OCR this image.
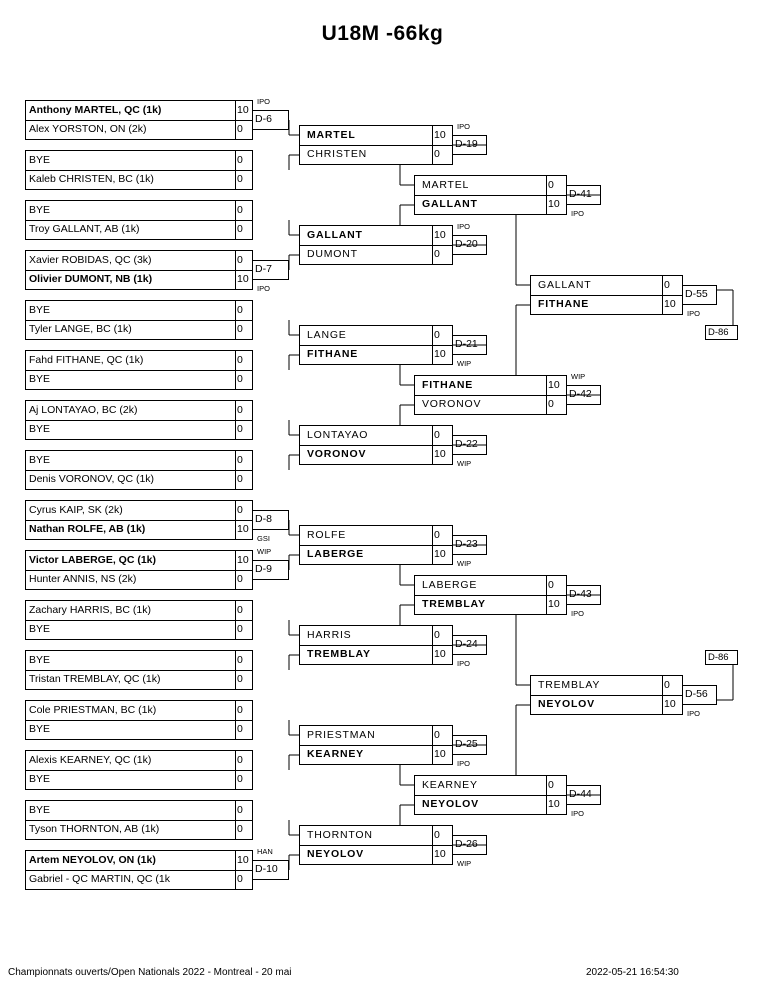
U18M -66kg
Anthony MARTEL, QC (1k)	10
Alex YORSTON, ON (2k)	0
IPO
D-6
BYE	0
Kaleb CHRISTEN, BC (1k)	0
BYE	0
Troy GALLANT, AB (1k)	0
Xavier ROBIDAS, QC (3k)	0
Olivier DUMONT, NB (1k)	10
IPO
D-7
BYE	0
Tyler LANGE, BC (1k)	0
Fahd FITHANE, QC (1k)	0
BYE	0
Aj LONTAYAO, BC (2k)	0
BYE	0
BYE	0
Denis VORONOV, QC (1k)	0
Cyrus KAIP, SK (2k)	0
Nathan ROLFE, AB (1k)	10
GSI
D-8
Victor LABERGE, QC (1k)	10
Hunter ANNIS, NS (2k)	0
WIP
D-9
Zachary HARRIS, BC (1k)	0
BYE	0
BYE	0
Tristan TREMBLAY, QC (1k)	0
Cole PRIESTMAN, BC (1k)	0
BYE	0
Alexis KEARNEY, QC (1k)	0
BYE	0
BYE	0
Tyson THORNTON, AB (1k)	0
Artem NEYOLOV, ON (1k)	10
Gabriel - QC MARTIN, QC (1k	0
HAN
D-10
MARTEL	10
CHRISTEN	0
IPO
D-19
GALLANT	10
DUMONT	0
IPO
D-20
LANGE	0
FITHANE	10
WIP
D-21
LONTAYAO	0
VORONOV	10
WIP
D-22
ROLFE	0
LABERGE	10
WIP
D-23
HARRIS	0
TREMBLAY	10
IPO
D-24
PRIESTMAN	0
KEARNEY	10
IPO
D-25
THORNTON	0
NEYOLOV	10
WIP
D-26
MARTEL	0
GALLANT	10
IPO
D-41
FITHANE	10
VORONOV	0
WIP
D-42
LABERGE	0
TREMBLAY	10
IPO
D-43
KEARNEY	0
NEYOLOV	10
IPO
D-44
GALLANT	0
FITHANE	10
IPO
D-55
TREMBLAY	0
NEYOLOV	10
IPO
D-56
D-86
D-86
Championnats ouverts/Open Nationals 2022 - Montreal - 20 mai	2022-05-21 16:54:30
